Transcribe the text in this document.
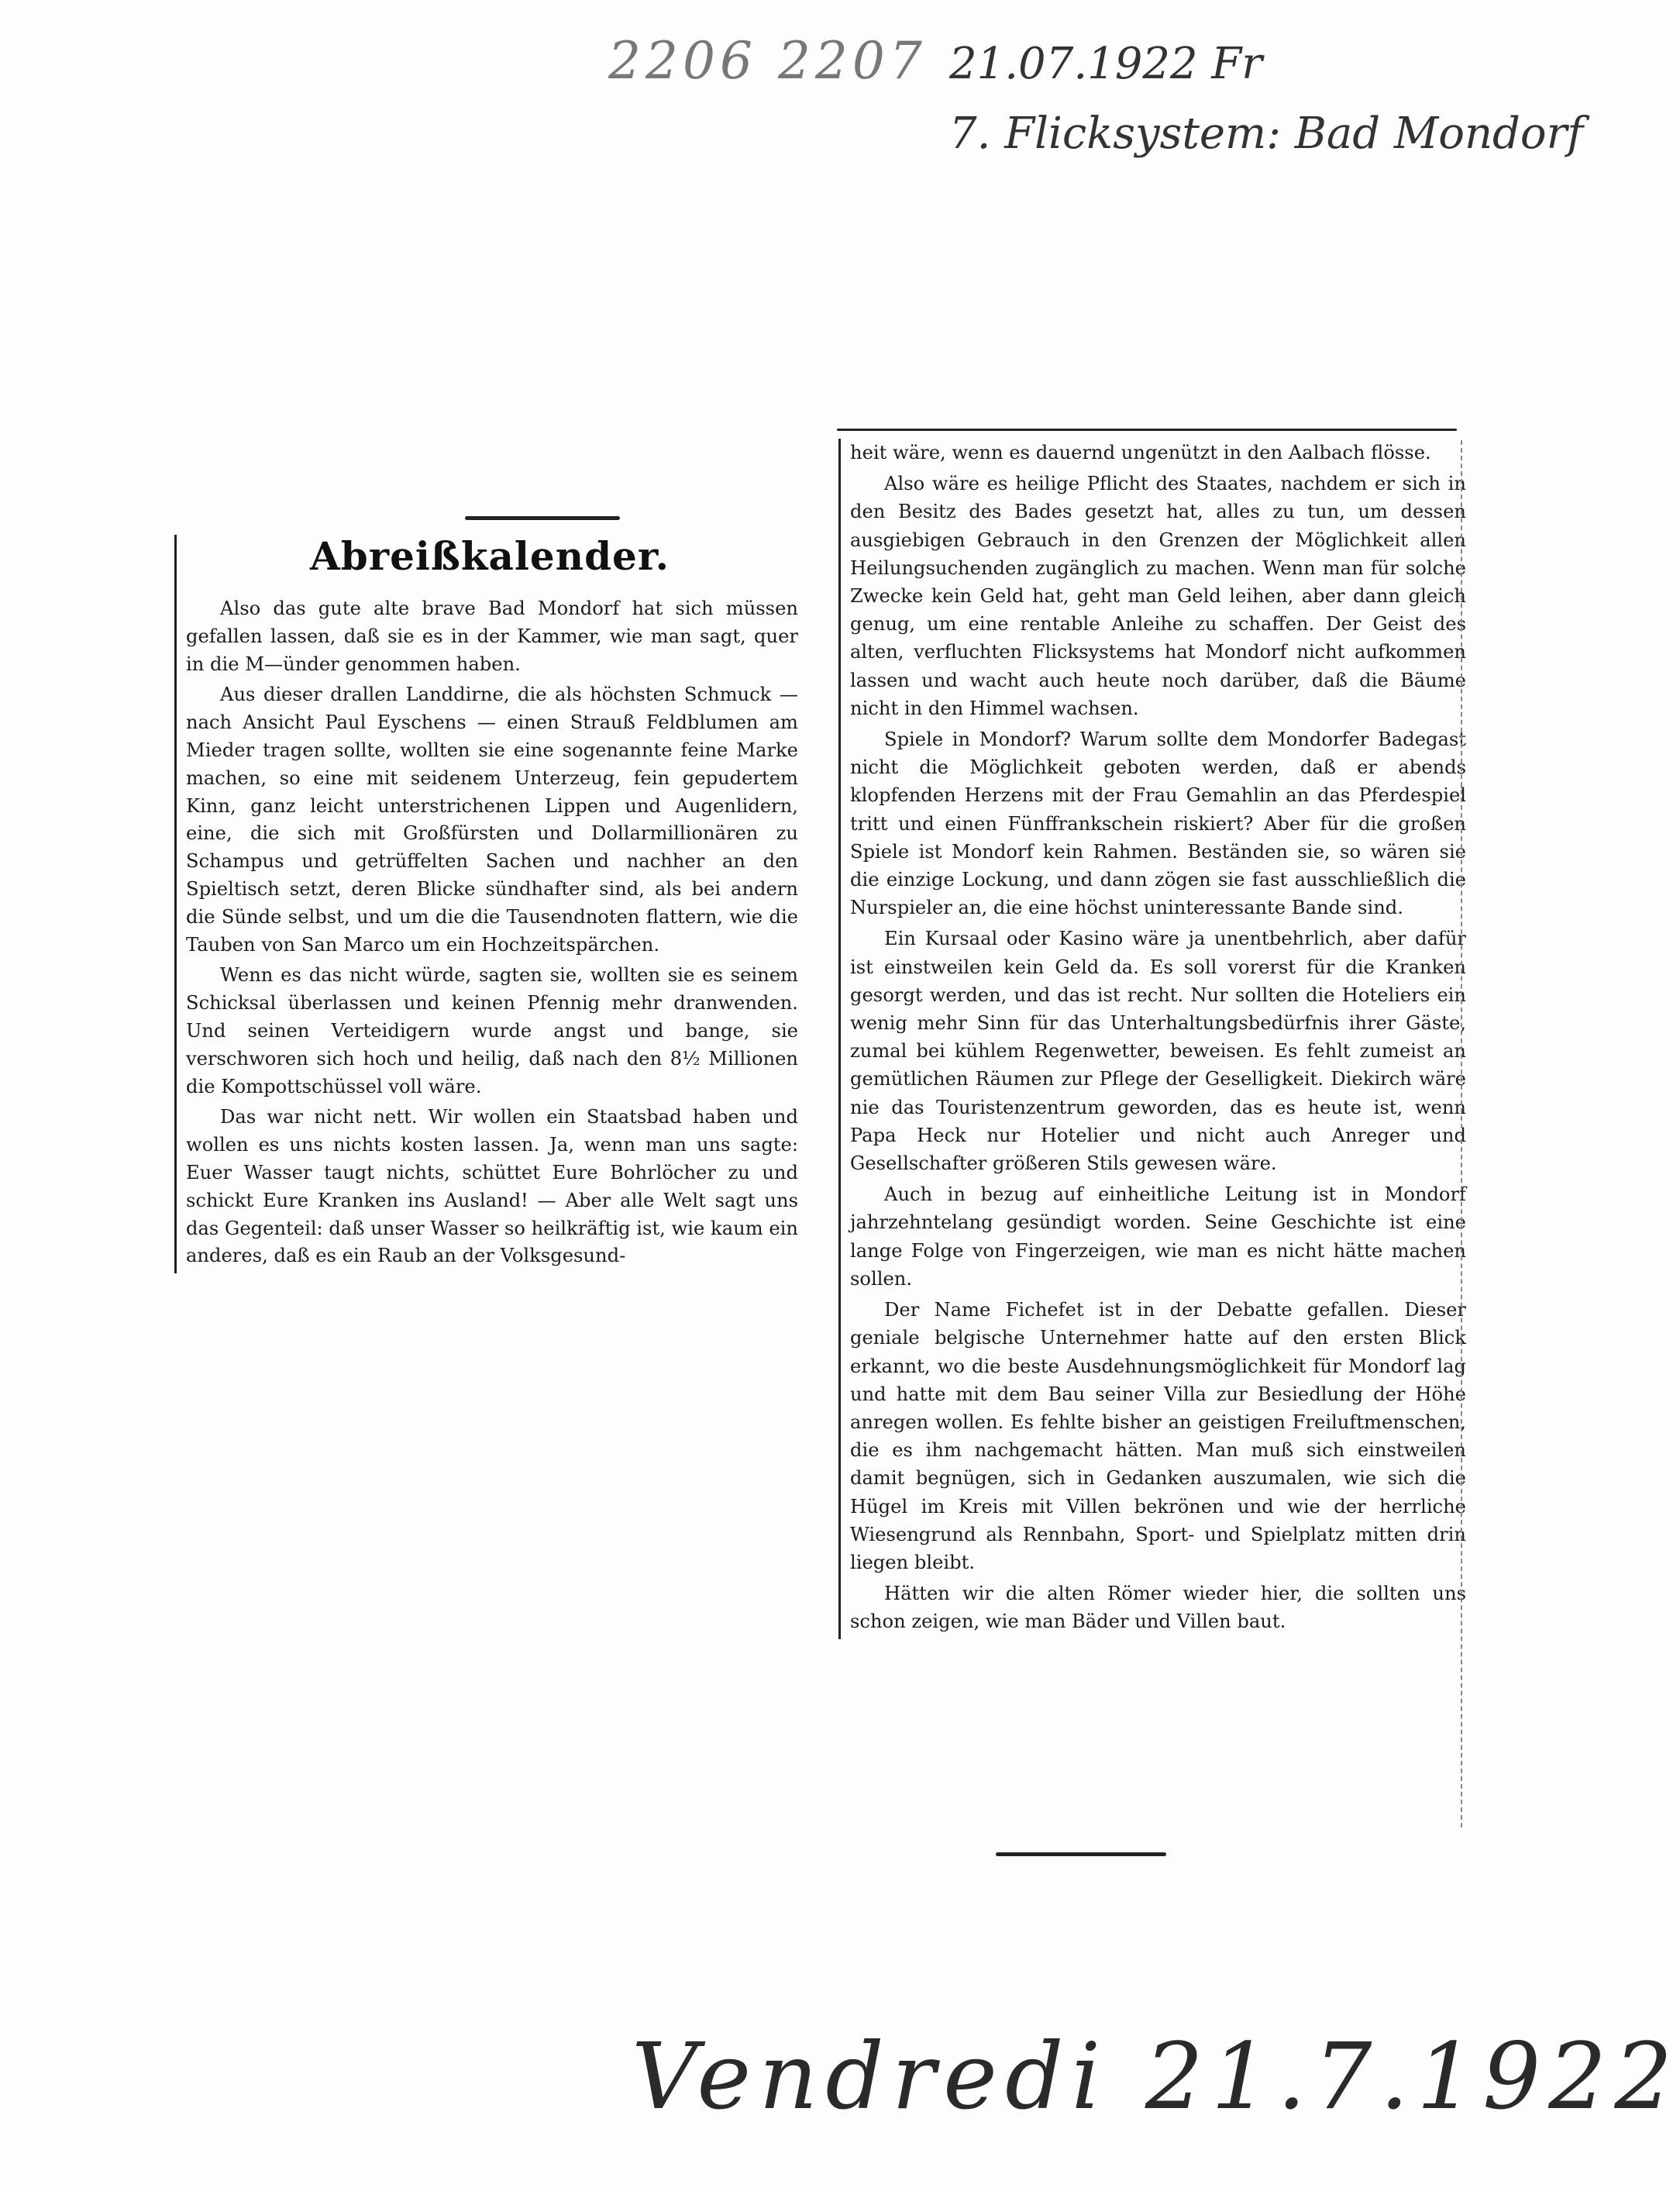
2206 2207 21.07.1922 Fr

7. Flicksystem: Bad Mondorf

Abreißkalender.

Also das gute alte brave Bad Mondorf hat sich müssen gefallen lassen, daß sie es in der Kammer, wie man sagt, quer in die M—ünder genommen haben.

Aus dieser drallen Landdirne, die als höchsten Schmuck — nach Ansicht Paul Eyschens — einen Strauß Feldblumen am Mieder tragen sollte, wollten sie eine sogenannte feine Marke machen, so eine mit seidenem Unterzeug, fein gepudertem Kinn, ganz leicht unterstrichenen Lippen und Augenlidern, eine, die sich mit Großfürsten und Dollarmillionären zu Schampus und getrüffelten Sachen und nachher an den Spieltisch setzt, deren Blicke sündhafter sind, als bei andern die Sünde selbst, und um die die Tausendnoten flattern, wie die Tauben von San Marco um ein Hochzeitspärchen.

Wenn es das nicht würde, sagten sie, wollten sie es seinem Schicksal überlassen und keinen Pfennig mehr dranwenden. Und seinen Verteidigern wurde angst und bange, sie verschworen sich hoch und heilig, daß nach den 8½ Millionen die Kompottschüssel voll wäre.

Das war nicht nett. Wir wollen ein Staatsbad haben und wollen es uns nichts kosten lassen. Ja, wenn man uns sagte: Euer Wasser taugt nichts, schüttet Eure Bohrlöcher zu und schickt Eure Kranken ins Ausland! — Aber alle Welt sagt uns das Gegenteil: daß unser Wasser so heilkräftig ist, wie kaum ein anderes, daß es ein Raub an der Volksgesund-

heit wäre, wenn es dauernd ungenützt in den Aalbach flösse.

Also wäre es heilige Pflicht des Staates, nachdem er sich in den Besitz des Bades gesetzt hat, alles zu tun, um dessen ausgiebigen Gebrauch in den Grenzen der Möglichkeit allen Heilungsuchenden zugänglich zu machen. Wenn man für solche Zwecke kein Geld hat, geht man Geld leihen, aber dann gleich genug, um eine rentable Anleihe zu schaffen. Der Geist des alten, verfluchten Flicksystems hat Mondorf nicht aufkommen lassen und wacht auch heute noch darüber, daß die Bäume nicht in den Himmel wachsen.

Spiele in Mondorf? Warum sollte dem Mondorfer Badegast nicht die Möglichkeit geboten werden, daß er abends klopfenden Herzens mit der Frau Gemahlin an das Pferdespiel tritt und einen Fünffrankschein riskiert? Aber für die großen Spiele ist Mondorf kein Rahmen. Beständen sie, so wären sie die einzige Lockung, und dann zögen sie fast ausschließlich die Nurspieler an, die eine höchst uninteressante Bande sind.

Ein Kursaal oder Kasino wäre ja unentbehrlich, aber dafür ist einstweilen kein Geld da. Es soll vorerst für die Kranken gesorgt werden, und das ist recht. Nur sollten die Hoteliers ein wenig mehr Sinn für das Unterhaltungsbedürfnis ihrer Gäste, zumal bei kühlem Regenwetter, beweisen. Es fehlt zumeist an gemütlichen Räumen zur Pflege der Geselligkeit. Diekirch wäre nie das Touristenzentrum geworden, das es heute ist, wenn Papa Heck nur Hotelier und nicht auch Anreger und Gesellschafter größeren Stils gewesen wäre.

Auch in bezug auf einheitliche Leitung ist in Mondorf jahrzehntelang gesündigt worden. Seine Geschichte ist eine lange Folge von Fingerzeigen, wie man es nicht hätte machen sollen.

Der Name Fichefet ist in der Debatte gefallen. Dieser geniale belgische Unternehmer hatte auf den ersten Blick erkannt, wo die beste Ausdehnungsmöglichkeit für Mondorf lag und hatte mit dem Bau seiner Villa zur Besiedlung der Höhe anregen wollen. Es fehlte bisher an geistigen Freiluftmenschen, die es ihm nachgemacht hätten. Man muß sich einstweilen damit begnügen, sich in Gedanken auszumalen, wie sich die Hügel im Kreis mit Villen bekrönen und wie der herrliche Wiesengrund als Rennbahn, Sport- und Spielplatz mitten drin liegen bleibt.

Hätten wir die alten Römer wieder hier, die sollten uns schon zeigen, wie man Bäder und Villen baut.

Vendredi 21.7.1922
